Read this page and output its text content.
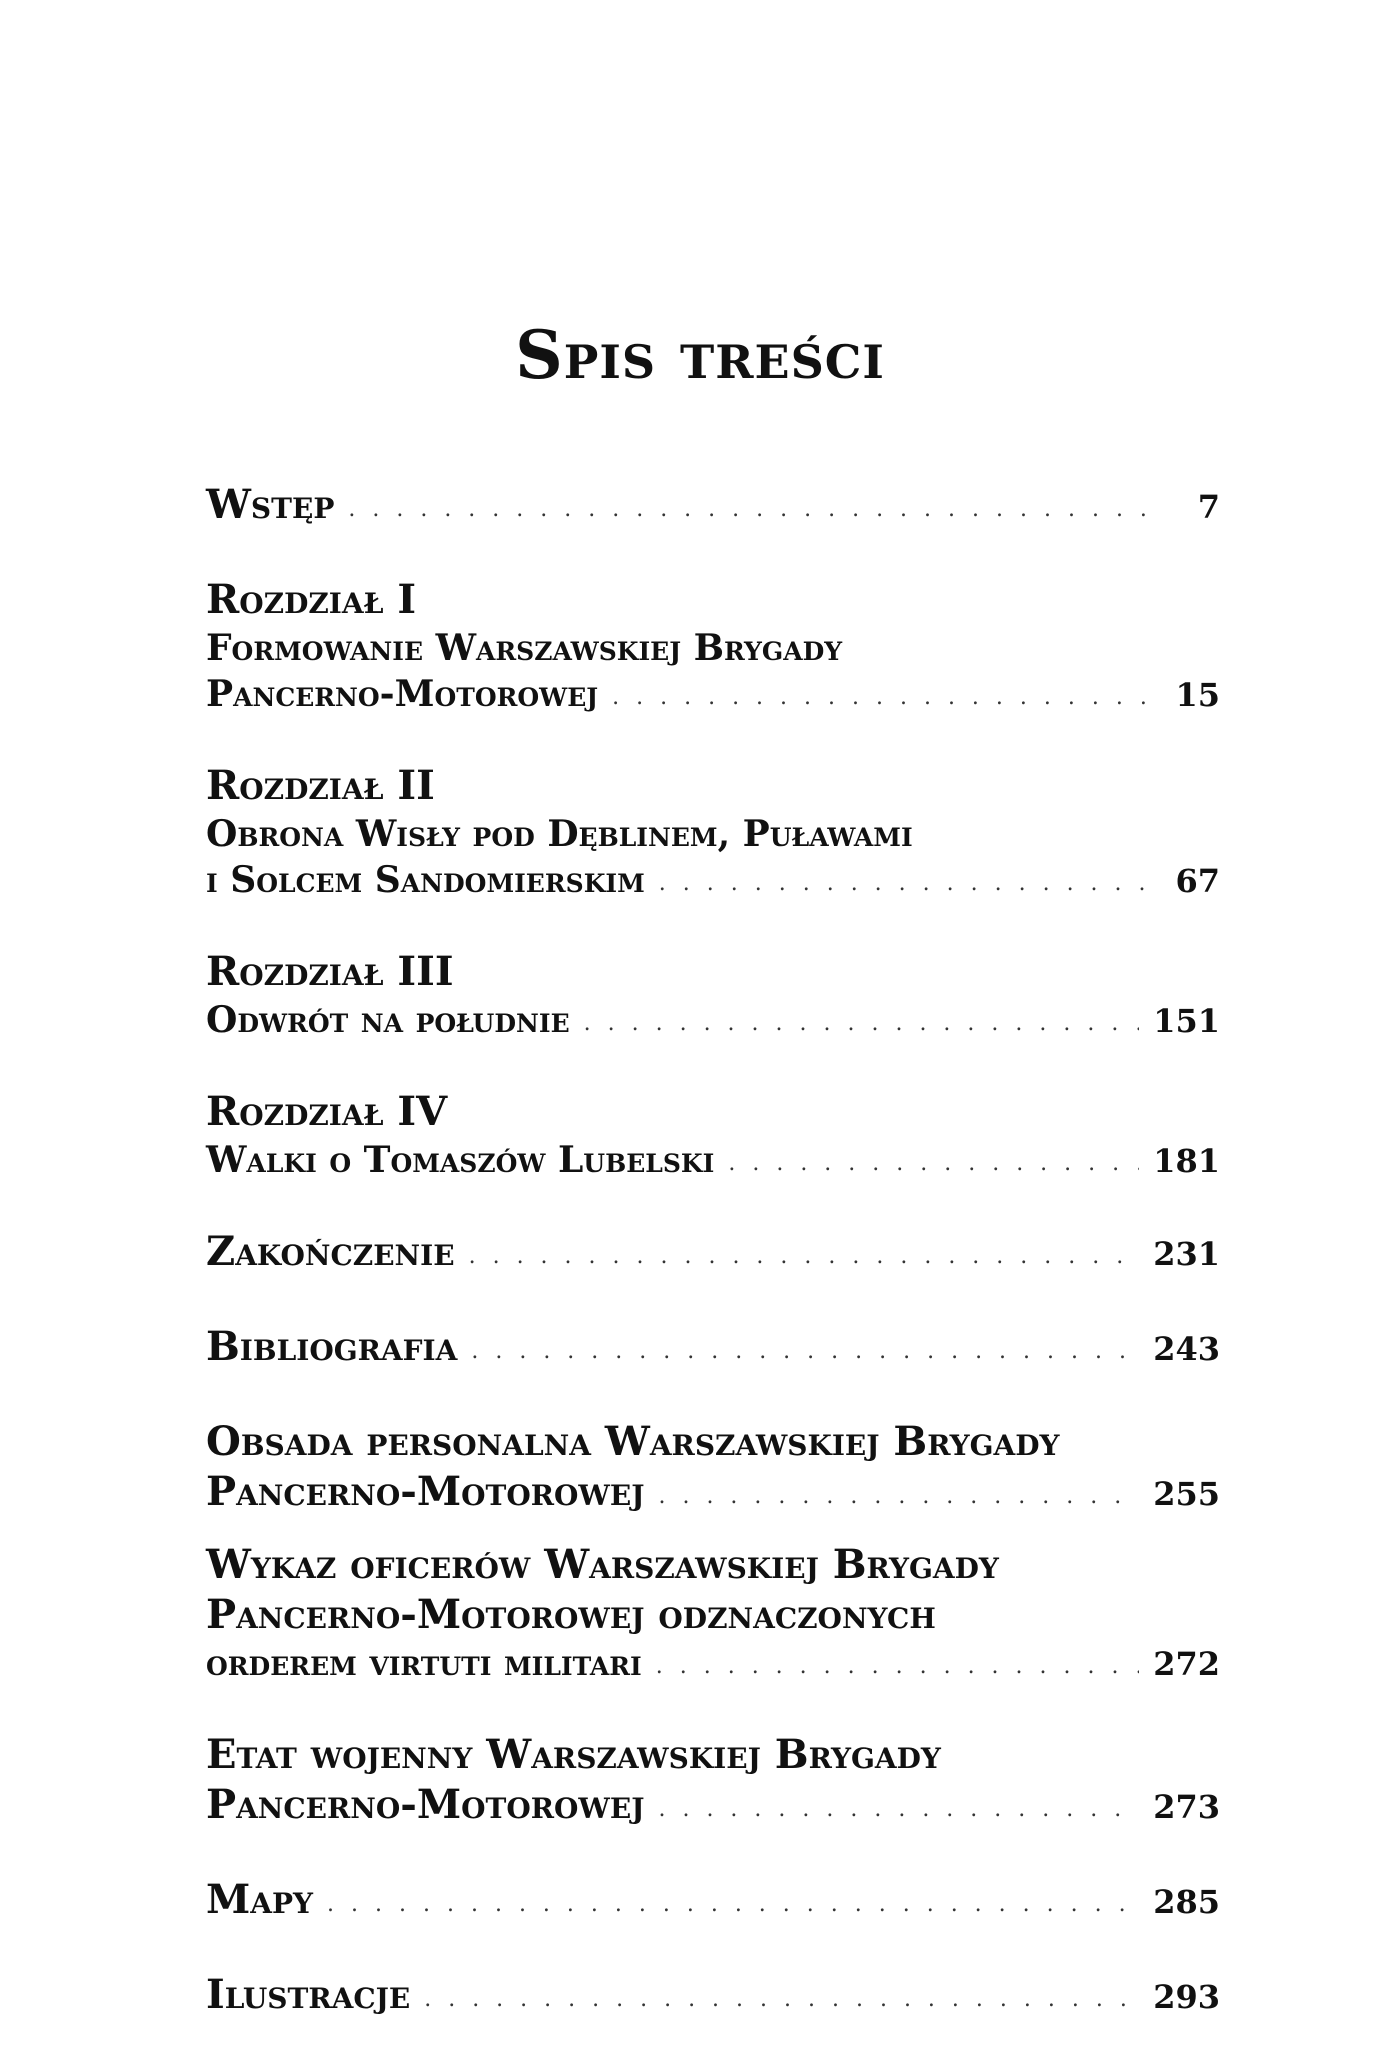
Spis treści
Wstęp . . .	7
Rozdział I
Formowanie Warszawskiej Brygady
Pancerno-Motorowej . . .	15
Rozdział II
Obrona Wisły pod Dęblinem, Puławami
i Solcem Sandomierskim . . .	67
Rozdział III
Odwrót na południe . . .	151
Rozdział IV
Walki o Tomaszów Lubelski . . .	181
Zakończenie . . .	231
Bibliografia . . .	243
Obsada personalna Warszawskiej Brygady
Pancerno-Motorowej . . .	255
Wykaz oficerów Warszawskiej Brygady
Pancerno-Motorowej odznaczonych
orderem virtuti militari . . .	272
Etat wojenny Warszawskiej Brygady
Pancerno-Motorowej . . .	273
Mapy . . .	285
Ilustracje . . .	293
